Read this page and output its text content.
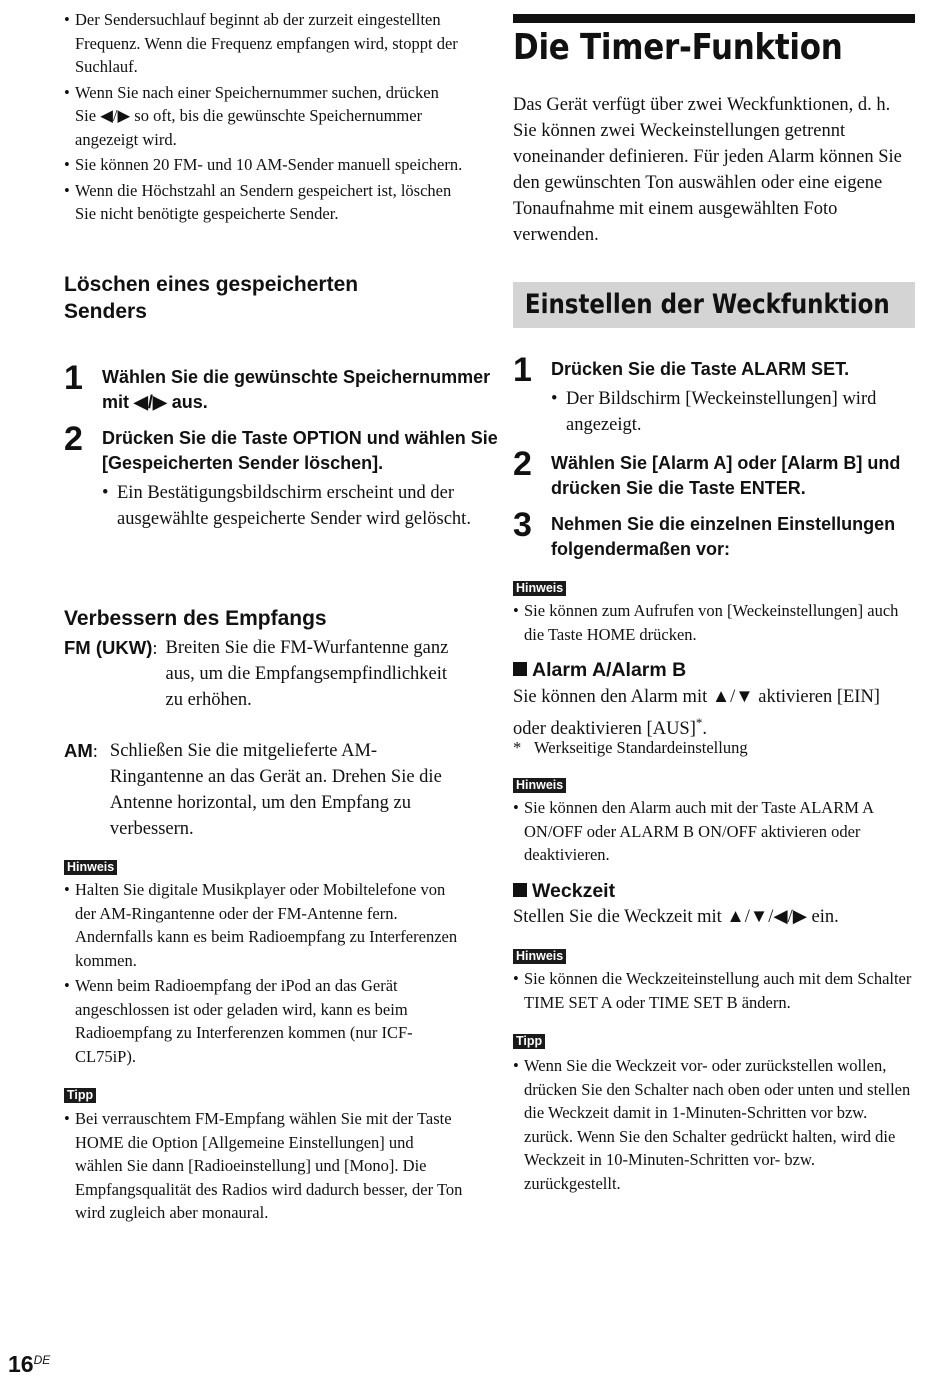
• Der Sendersuchlauf beginnt ab der zurzeit eingestellten Frequenz. Wenn die Frequenz empfangen wird, stoppt der Suchlauf.
• Wenn Sie nach einer Speichernummer suchen, drücken Sie ◀/▶ so oft, bis die gewünschte Speichernummer angezeigt wird.
• Sie können 20 FM- und 10 AM-Sender manuell speichern.
• Wenn die Höchstzahl an Sendern gespeichert ist, löschen Sie nicht benötigte gespeicherte Sender.
Löschen eines gespeicherten Senders
1 Wählen Sie die gewünschte Speichernummer mit ◀/▶ aus.
2 Drücken Sie die Taste OPTION und wählen Sie [Gespeicherten Sender löschen].
• Ein Bestätigungsbildschirm erscheint und der ausgewählte gespeicherte Sender wird gelöscht.
Verbessern des Empfangs
FM (UKW): Breiten Sie die FM-Wurfantenne ganz aus, um die Empfangsempfindlichkeit zu erhöhen.
AM: Schließen Sie die mitgelieferte AM-Ringantenne an das Gerät an. Drehen Sie die Antenne horizontal, um den Empfang zu verbessern.
Hinweis
• Halten Sie digitale Musikplayer oder Mobiltelefone von der AM-Ringantenne oder der FM-Antenne fern. Andernfalls kann es beim Radioempfang zu Interferenzen kommen.
• Wenn beim Radioempfang der iPod an das Gerät angeschlossen ist oder geladen wird, kann es beim Radioempfang zu Interferenzen kommen (nur ICF-CL75iP).
Tipp
• Bei verrauschtem FM-Empfang wählen Sie mit der Taste HOME die Option [Allgemeine Einstellungen] und wählen Sie dann [Radioeinstellung] und [Mono]. Die Empfangsqualität des Radios wird dadurch besser, der Ton wird zugleich aber monaural.
Die Timer-Funktion

Das Gerät verfügt über zwei Weckfunktionen, d. h. Sie können zwei Weckeinstellungen getrennt voneinander definieren. Für jeden Alarm können Sie den gewünschten Ton auswählen oder eine eigene Tonaufnahme mit einem ausgewählten Foto verwenden.

Einstellen der Weckfunktion
1 Drücken Sie die Taste ALARM SET.
• Der Bildschirm [Weckeinstellungen] wird angezeigt.
2 Wählen Sie [Alarm A] oder [Alarm B] und drücken Sie die Taste ENTER.
3 Nehmen Sie die einzelnen Einstellungen folgendermaßen vor:
Hinweis
• Sie können zum Aufrufen von [Weckeinstellungen] auch die Taste HOME drücken.
Alarm A/Alarm B

Sie können den Alarm mit ▲/▼ aktivieren [EIN] oder deaktivieren [AUS]*.

* Werkseitige Standardeinstellung
Hinweis
• Sie können den Alarm auch mit der Taste ALARM A ON/OFF oder ALARM B ON/OFF aktivieren oder deaktivieren.
Weckzeit

Stellen Sie die Weckzeit mit ▲/▼/◀/▶ ein.

Hinweis
• Sie können die Weckzeiteinstellung auch mit dem Schalter TIME SET A oder TIME SET B ändern.
Tipp
• Wenn Sie die Weckzeit vor- oder zurückstellen wollen, drücken Sie den Schalter nach oben oder unten und stellen die Weckzeit damit in 1-Minuten-Schritten vor bzw. zurück. Wenn Sie den Schalter gedrückt halten, wird die Weckzeit in 10-Minuten-Schritten vor- bzw. zurückgestellt.
16DE
